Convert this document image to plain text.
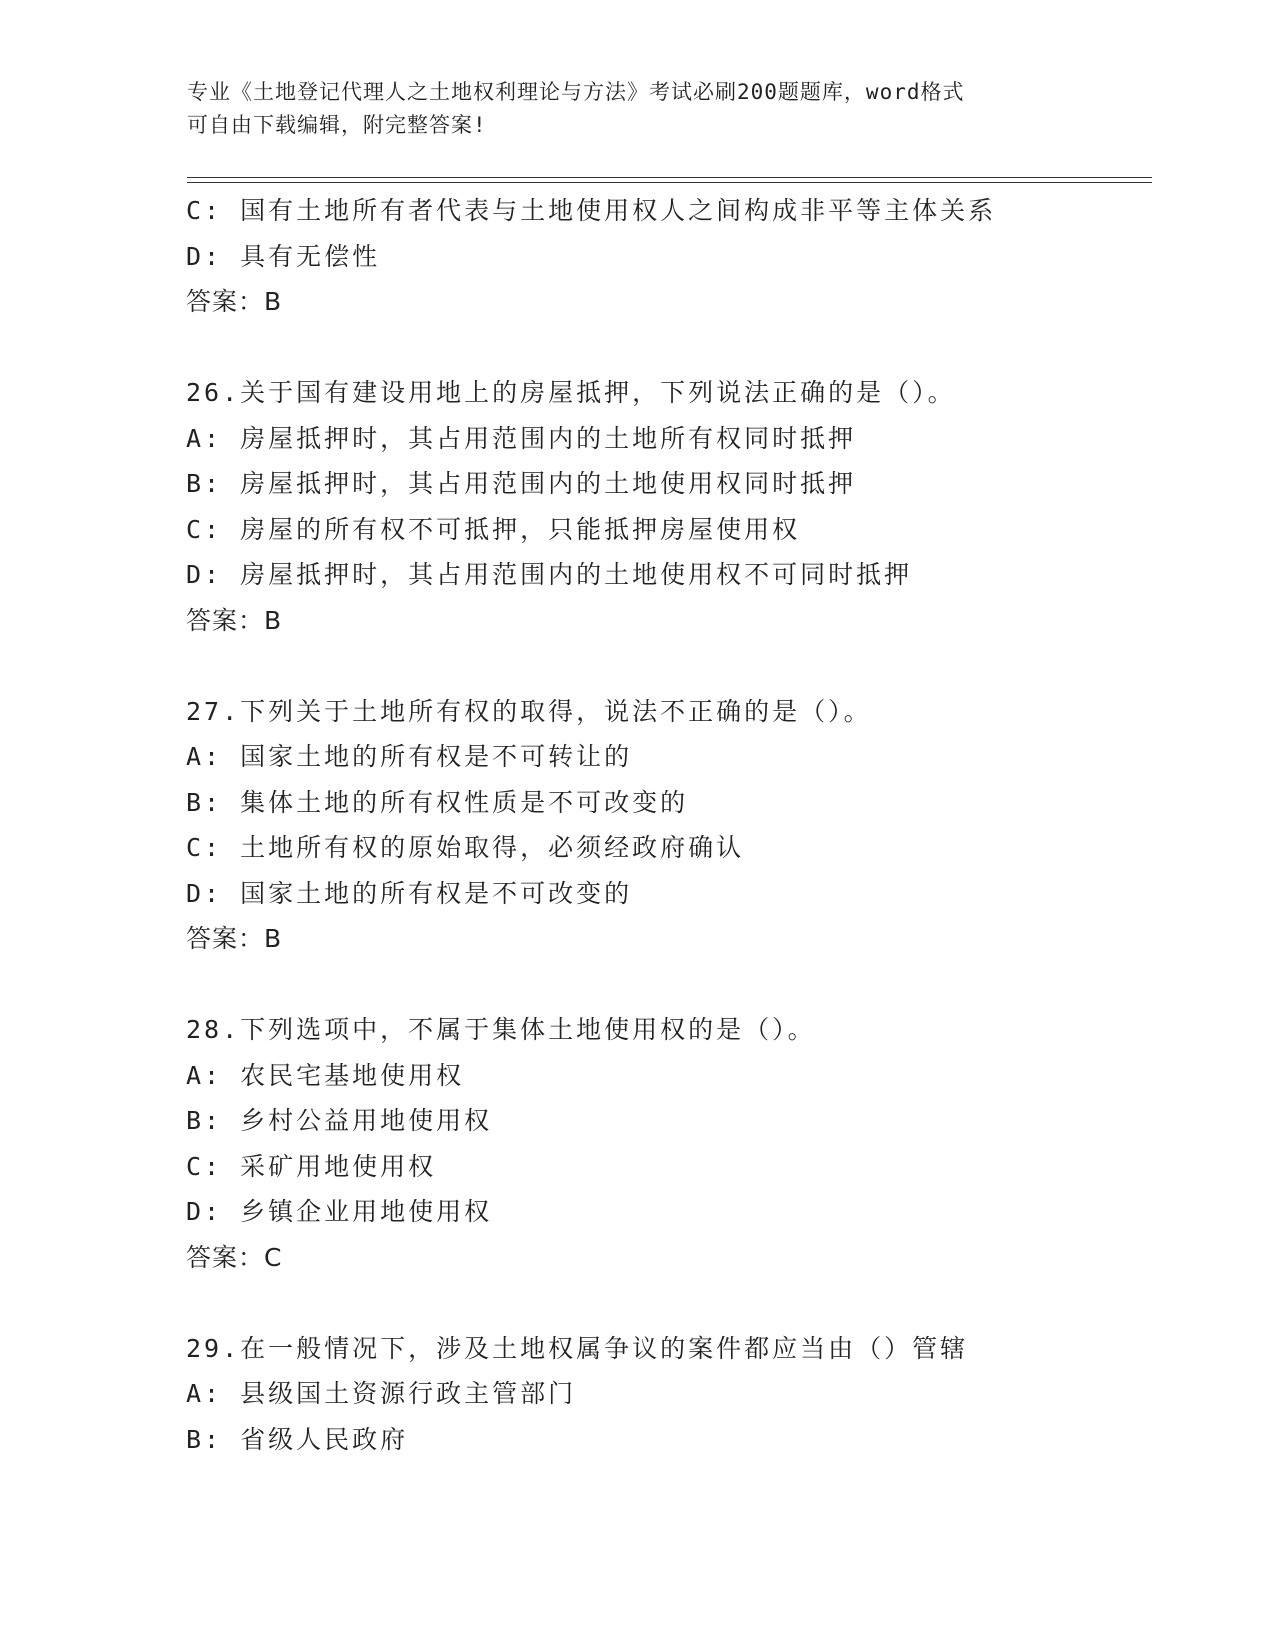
专业《土地登记代理人之土地权利理论与方法》考试必刷200题题库，word格式
可自由下载编辑，附完整答案!
C: 国有土地所有者代表与土地使用权人之间构成非平等主体关系
D: 具有无偿性
答案：B
26.关于国有建设用地上的房屋抵押，下列说法正确的是（）。
A: 房屋抵押时，其占用范围内的土地所有权同时抵押
B: 房屋抵押时，其占用范围内的土地使用权同时抵押
C: 房屋的所有权不可抵押，只能抵押房屋使用权
D: 房屋抵押时，其占用范围内的土地使用权不可同时抵押
答案：B
27.下列关于土地所有权的取得，说法不正确的是（）。
A: 国家土地的所有权是不可转让的
B: 集体土地的所有权性质是不可改变的
C: 土地所有权的原始取得，必须经政府确认
D: 国家土地的所有权是不可改变的
答案：B
28.下列选项中，不属于集体土地使用权的是（）。
A: 农民宅基地使用权
B: 乡村公益用地使用权
C: 采矿用地使用权
D: 乡镇企业用地使用权
答案：C
29.在一般情况下，涉及土地权属争议的案件都应当由（）管辖
A: 县级国土资源行政主管部门
B: 省级人民政府
